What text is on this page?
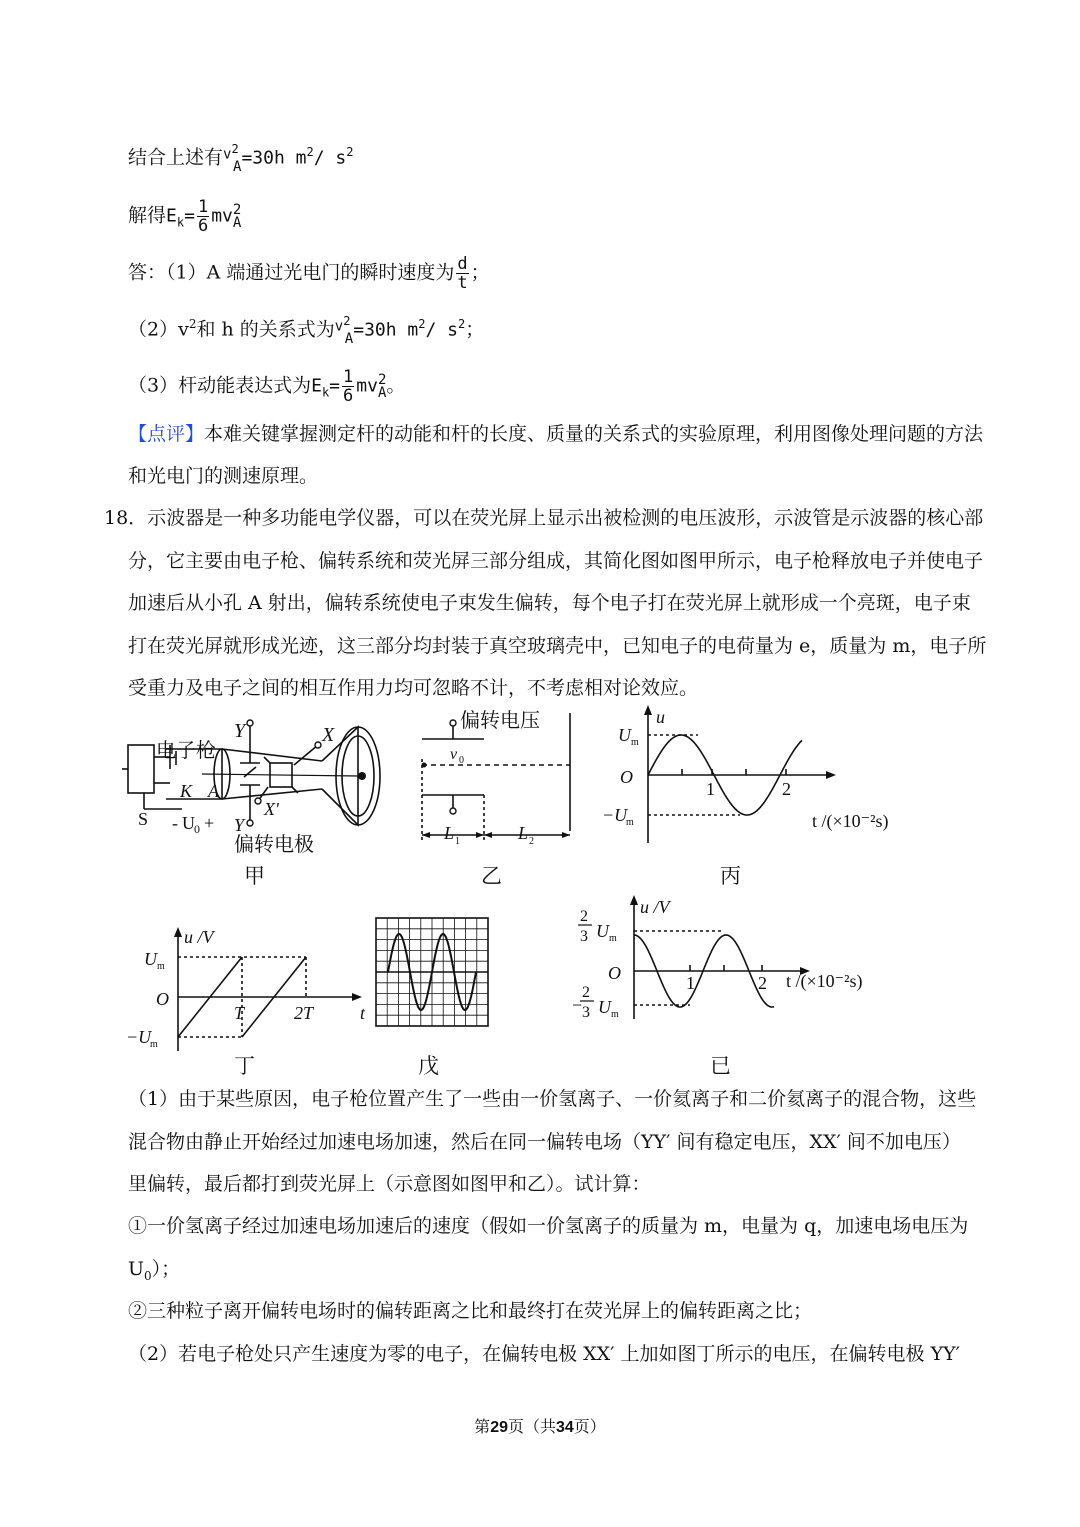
结合上述有 v2
A =30h $m^2/$ $s^2$
解得$E_k= \frac{1}{6}$ mv 2
A
答：（1）A 端通过光电门的瞬时速度为 $\frac{d}{t}$ ；
$(2)v^2$和 h 的关系式为 v2
A =30h $m^2/$ $s^2$；
（3）杆动能表达式为$E_k= \frac{1}{6}$ mv 2
A 。
【点评】本难关键掌握测定杆的动能和杆的长度、质量的关系式的实验原理，利用图像处理问题的方法
和光电门的测速原理。
18．示波器是一种多功能电学仪器，可以在荧光屏上显示出被检测的电压波形，示波管是示波器的核心部
分，它主要由电子枪、偏转系统和荧光屏三部分组成，其简化图如图甲所示，电子枪释放电子并使电子
加速后从小孔 A 射出，偏转系统使电子束发生偏转，每个电子打在荧光屏上就形成一个亮斑，电子束
打在荧光屏就形成光迹，这三部分均封装于真空玻璃壳中，已知电子的电荷量为 e，质量为 m，电子所
受重力及电子之间的相互作用力均可忽略不计，不考虑相对论效应。
电子枪
Y	X
K A
S - U 0 +
X′
Y
偏转电极
甲
偏转电压
v 0
L 1	L 2
乙
u
U m
O
−U
m
1	2
t /(×10⁻²s)
丙
u /V
U m
O
−U
m
T	2T	t
丁	戊
u /V
2
3 U m
O
−
2
3 U m
1	2 t /(×10⁻²s)
已
（1）由于某些原因，电子枪位置产生了一些由一价氢离子、一价氦离子和二价氦离子的混合物，这些
混合物由静止开始经过加速电场加速，然后在同一偏转电场（YY′ 间有稳定电压，XX′ 间不加电压）
里偏转，最后都打到荧光屏上（示意图如图甲和乙）。试计算：
①一价氢离子经过加速电场加速后的速度（假如一价氢离子的质量为 m，电量为 q，加速电场电压为
$U_0$）；
②三种粒子离开偏转电场时的偏转距离之比和最终打在荧光屏上的偏转距离之比；
（2）若电子枪处只产生速度为零的电子，在偏转电极 XX′ 上加如图丁所示的电压，在偏转电极 YY′
第29页（共34页）
